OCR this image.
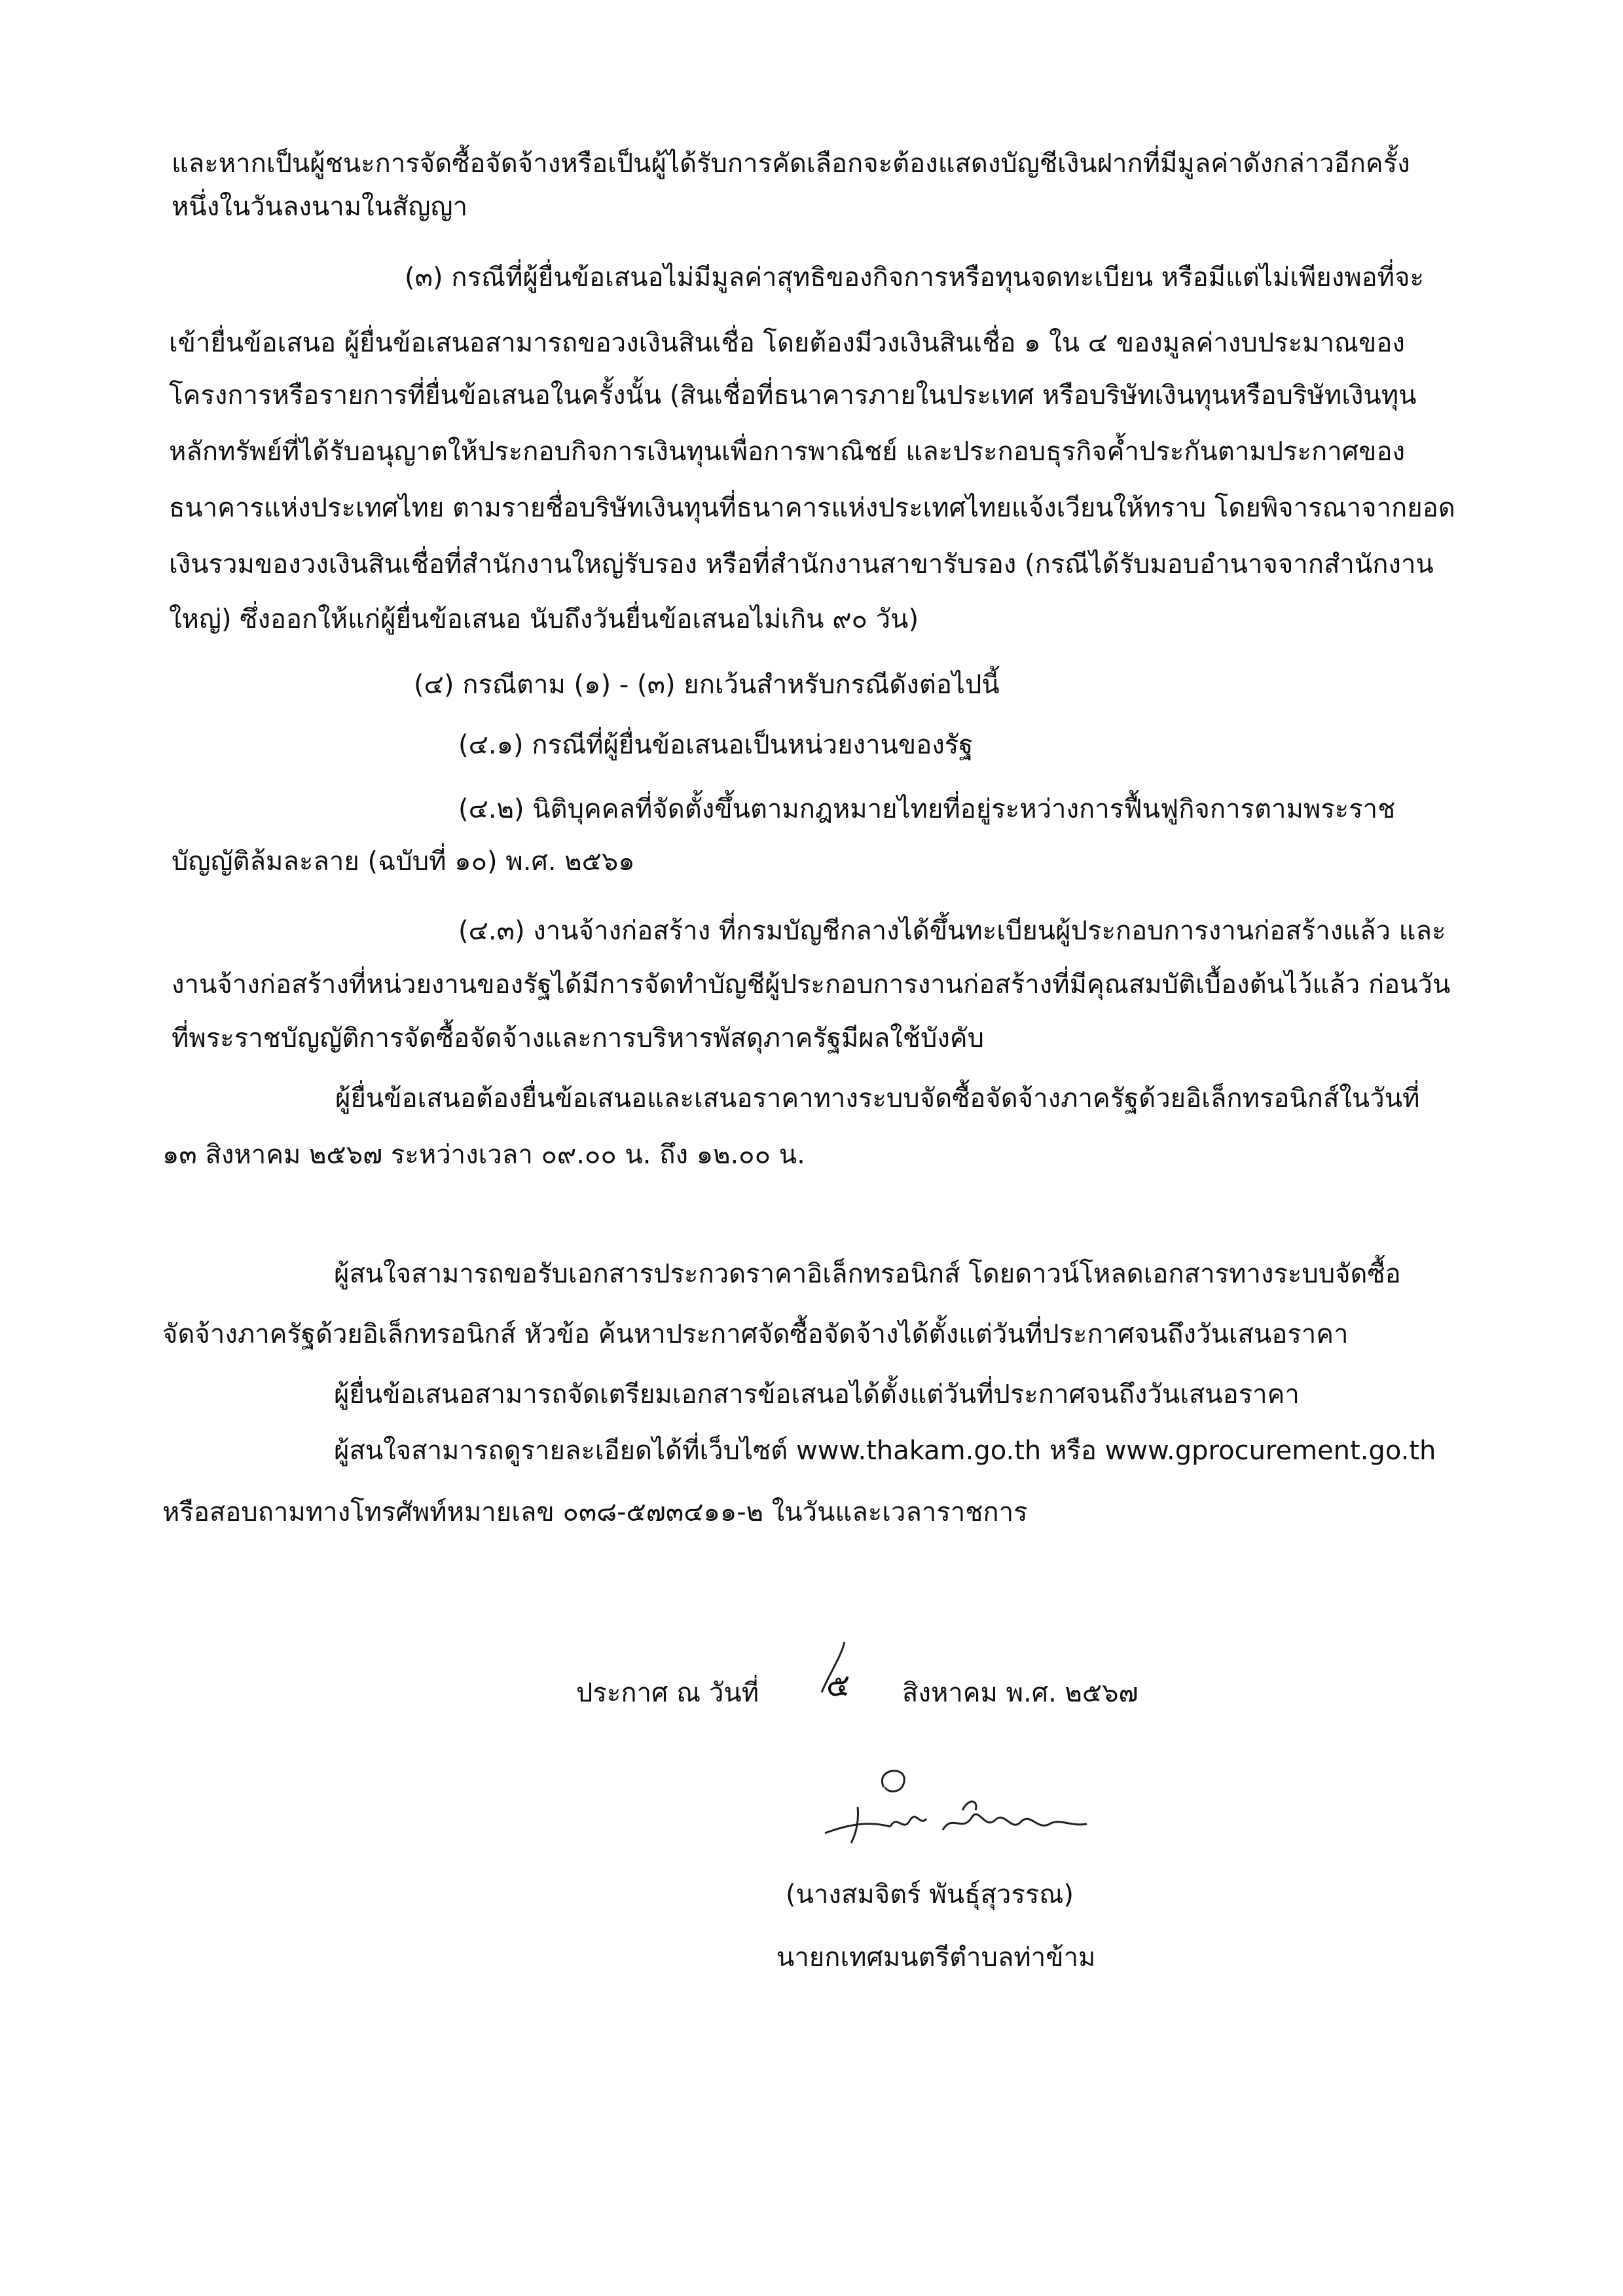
และหากเป็นผู้ชนะการจัดซื้อจัดจ้างหรือเป็นผู้ได้รับการคัดเลือกจะต้องแสดงบัญชีเงินฝากที่มีมูลค่าดังกล่าวอีกครั้ง
หนึ่งในวันลงนามในสัญญา
(๓) กรณีที่ผู้ยื่นข้อเสนอไม่มีมูลค่าสุทธิของกิจการหรือทุนจดทะเบียน หรือมีแต่ไม่เพียงพอที่จะ
เข้ายื่นข้อเสนอ ผู้ยื่นข้อเสนอสามารถขอวงเงินสินเชื่อ โดยต้องมีวงเงินสินเชื่อ ๑ ใน ๔ ของมูลค่างบประมาณของ
โครงการหรือรายการที่ยื่นข้อเสนอในครั้งนั้น (สินเชื่อที่ธนาคารภายในประเทศ หรือบริษัทเงินทุนหรือบริษัทเงินทุน
หลักทรัพย์ที่ได้รับอนุญาตให้ประกอบกิจการเงินทุนเพื่อการพาณิชย์ และประกอบธุรกิจค้ำประกันตามประกาศของ
ธนาคารแห่งประเทศไทย ตามรายชื่อบริษัทเงินทุนที่ธนาคารแห่งประเทศไทยแจ้งเวียนให้ทราบ โดยพิจารณาจากยอด
เงินรวมของวงเงินสินเชื่อที่สำนักงานใหญ่รับรอง หรือที่สำนักงานสาขารับรอง (กรณีได้รับมอบอำนาจจากสำนักงาน
ใหญ่) ซึ่งออกให้แก่ผู้ยื่นข้อเสนอ นับถึงวันยื่นข้อเสนอไม่เกิน ๙๐ วัน)
(๔) กรณีตาม (๑) - (๓) ยกเว้นสำหรับกรณีดังต่อไปนี้
(๔.๑) กรณีที่ผู้ยื่นข้อเสนอเป็นหน่วยงานของรัฐ
(๔.๒) นิติบุคคลที่จัดตั้งขึ้นตามกฎหมายไทยที่อยู่ระหว่างการฟื้นฟูกิจการตามพระราช
บัญญัติล้มละลาย (ฉบับที่ ๑๐) พ.ศ. ๒๕๖๑
(๔.๓) งานจ้างก่อสร้าง ที่กรมบัญชีกลางได้ขึ้นทะเบียนผู้ประกอบการงานก่อสร้างแล้ว และ
งานจ้างก่อสร้างที่หน่วยงานของรัฐได้มีการจัดทำบัญชีผู้ประกอบการงานก่อสร้างที่มีคุณสมบัติเบื้องต้นไว้แล้ว ก่อนวัน
ที่พระราชบัญญัติการจัดซื้อจัดจ้างและการบริหารพัสดุภาครัฐมีผลใช้บังคับ
ผู้ยื่นข้อเสนอต้องยื่นข้อเสนอและเสนอราคาทางระบบจัดซื้อจัดจ้างภาครัฐด้วยอิเล็กทรอนิกส์ในวันที่
๑๓ สิงหาคม ๒๕๖๗ ระหว่างเวลา ๐๙.๐๐ น. ถึง ๑๒.๐๐ น.
ผู้สนใจสามารถขอรับเอกสารประกวดราคาอิเล็กทรอนิกส์ โดยดาวน์โหลดเอกสารทางระบบจัดซื้อ
จัดจ้างภาครัฐด้วยอิเล็กทรอนิกส์ หัวข้อ ค้นหาประกาศจัดซื้อจัดจ้างได้ตั้งแต่วันที่ประกาศจนถึงวันเสนอราคา
ผู้ยื่นข้อเสนอสามารถจัดเตรียมเอกสารข้อเสนอได้ตั้งแต่วันที่ประกาศจนถึงวันเสนอราคา
ผู้สนใจสามารถดูรายละเอียดได้ที่เว็บไซต์ www.thakam.go.th หรือ www.gprocurement.go.th
หรือสอบถามทางโทรศัพท์หมายเลข ๐๓๘-๕๗๓๔๑๑-๒ ในวันและเวลาราชการ
ประกาศ ณ วันที่ ๕ สิงหาคม พ.ศ. ๒๕๖๗
(นางสมจิตร์ พันธุ์สุวรรณ)
นายกเทศมนตรีตำบลท่าข้าม
